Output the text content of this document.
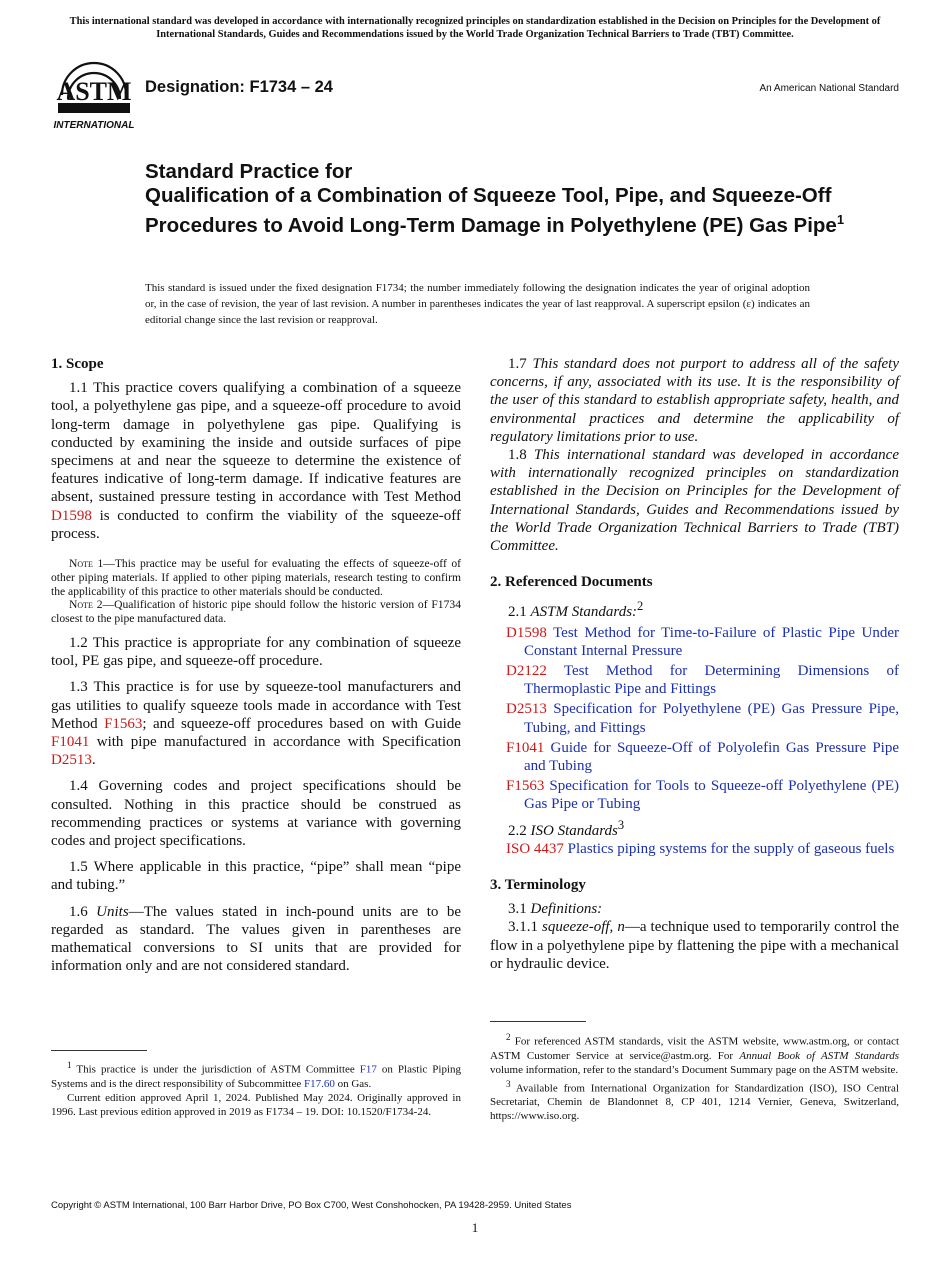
This international standard was developed in accordance with internationally recognized principles on standardization established in the Decision on Principles for the Development of International Standards, Guides and Recommendations issued by the World Trade Organization Technical Barriers to Trade (TBT) Committee.
ASTM
INTERNATIONAL
Designation: F1734 – 24	An American National Standard
Standard Practice for
Qualification of a Combination of Squeeze Tool, Pipe, and Squeeze-Off Procedures to Avoid Long-Term Damage in Polyethylene (PE) Gas Pipe$^1$
This standard is issued under the fixed designation F1734; the number immediately following the designation indicates the year of original adoption or, in the case of revision, the year of last revision. A number in parentheses indicates the year of last reapproval. A superscript epsilon (ε) indicates an editorial change since the last revision or reapproval.
1. Scope

1.1 This practice covers qualifying a combination of a squeeze tool, a polyethylene gas pipe, and a squeeze-off procedure to avoid long-term damage in polyethylene gas pipe. Qualifying is conducted by examining the inside and outside surfaces of pipe specimens at and near the squeeze to determine the existence of features indicative of long-term damage. If indicative features are absent, sustained pressure testing in accordance with Test Method D1598 is conducted to confirm the viability of the squeeze-off process.

Note 1—This practice may be useful for evaluating the effects of squeeze-off of other piping materials. If applied to other piping materials, research testing to confirm the applicability of this practice to other materials should be conducted.

Note 2—Qualification of historic pipe should follow the historic version of F1734 closest to the pipe manufactured data.

1.2 This practice is appropriate for any combination of squeeze tool, PE gas pipe, and squeeze-off procedure.

1.3 This practice is for use by squeeze-tool manufacturers and gas utilities to qualify squeeze tools made in accordance with Test Method F1563; and squeeze-off procedures based on with Guide F1041 with pipe manufactured in accordance with Specification D2513.

1.4 Governing codes and project specifications should be consulted. Nothing in this practice should be construed as recommending practices or systems at variance with governing codes and project specifications.

1.5 Where applicable in this practice, “pipe” shall mean “pipe and tubing.”

1.6 Units—The values stated in inch-pound units are to be regarded as standard. The values given in parentheses are mathematical conversions to SI units that are provided for information only and are not considered standard.

1.7 This standard does not purport to address all of the safety concerns, if any, associated with its use. It is the responsibility of the user of this standard to establish appropriate safety, health, and environmental practices and determine the applicability of regulatory limitations prior to use.

1.8 This international standard was developed in accordance with internationally recognized principles on standardization established in the Decision on Principles for the Development of International Standards, Guides and Recommendations issued by the World Trade Organization Technical Barriers to Trade (TBT) Committee.

2. Referenced Documents

2.1 ASTM Standards:$^2$

D1598 Test Method for Time-to-Failure of Plastic Pipe Under Constant Internal Pressure
D2122 Test Method for Determining Dimensions of Thermoplastic Pipe and Fittings
D2513 Specification for Polyethylene (PE) Gas Pressure Pipe, Tubing, and Fittings
F1041 Guide for Squeeze-Off of Polyolefin Gas Pressure Pipe and Tubing
F1563 Specification for Tools to Squeeze-off Polyethylene (PE) Gas Pipe or Tubing

2.2 ISO Standards$^3$

ISO 4437 Plastics piping systems for the supply of gaseous fuels
3. Terminology

3.1 Definitions:

3.1.1 squeeze-off, n—a technique used to temporarily control the flow in a polyethylene pipe by flattening the pipe with a mechanical or hydraulic device.

$^1$ This practice is under the jurisdiction of ASTM Committee F17 on Plastic Piping Systems and is the direct responsibility of Subcommittee F17.60 on Gas.

Current edition approved April 1, 2024. Published May 2024. Originally approved in 1996. Last previous edition approved in 2019 as F1734 – 19. DOI: 10.1520/F1734-24.

$^2$ For referenced ASTM standards, visit the ASTM website, www.astm.org, or contact ASTM Customer Service at service@astm.org. For Annual Book of ASTM Standards volume information, refer to the standard’s Document Summary page on the ASTM website.

$^3$ Available from International Organization for Standardization (ISO), ISO Central Secretariat, Chemin de Blandonnet 8, CP 401, 1214 Vernier, Geneva, Switzerland, https://www.iso.org.

Copyright © ASTM International, 100 Barr Harbor Drive, PO Box C700, West Conshohocken, PA 19428-2959. United States
1
